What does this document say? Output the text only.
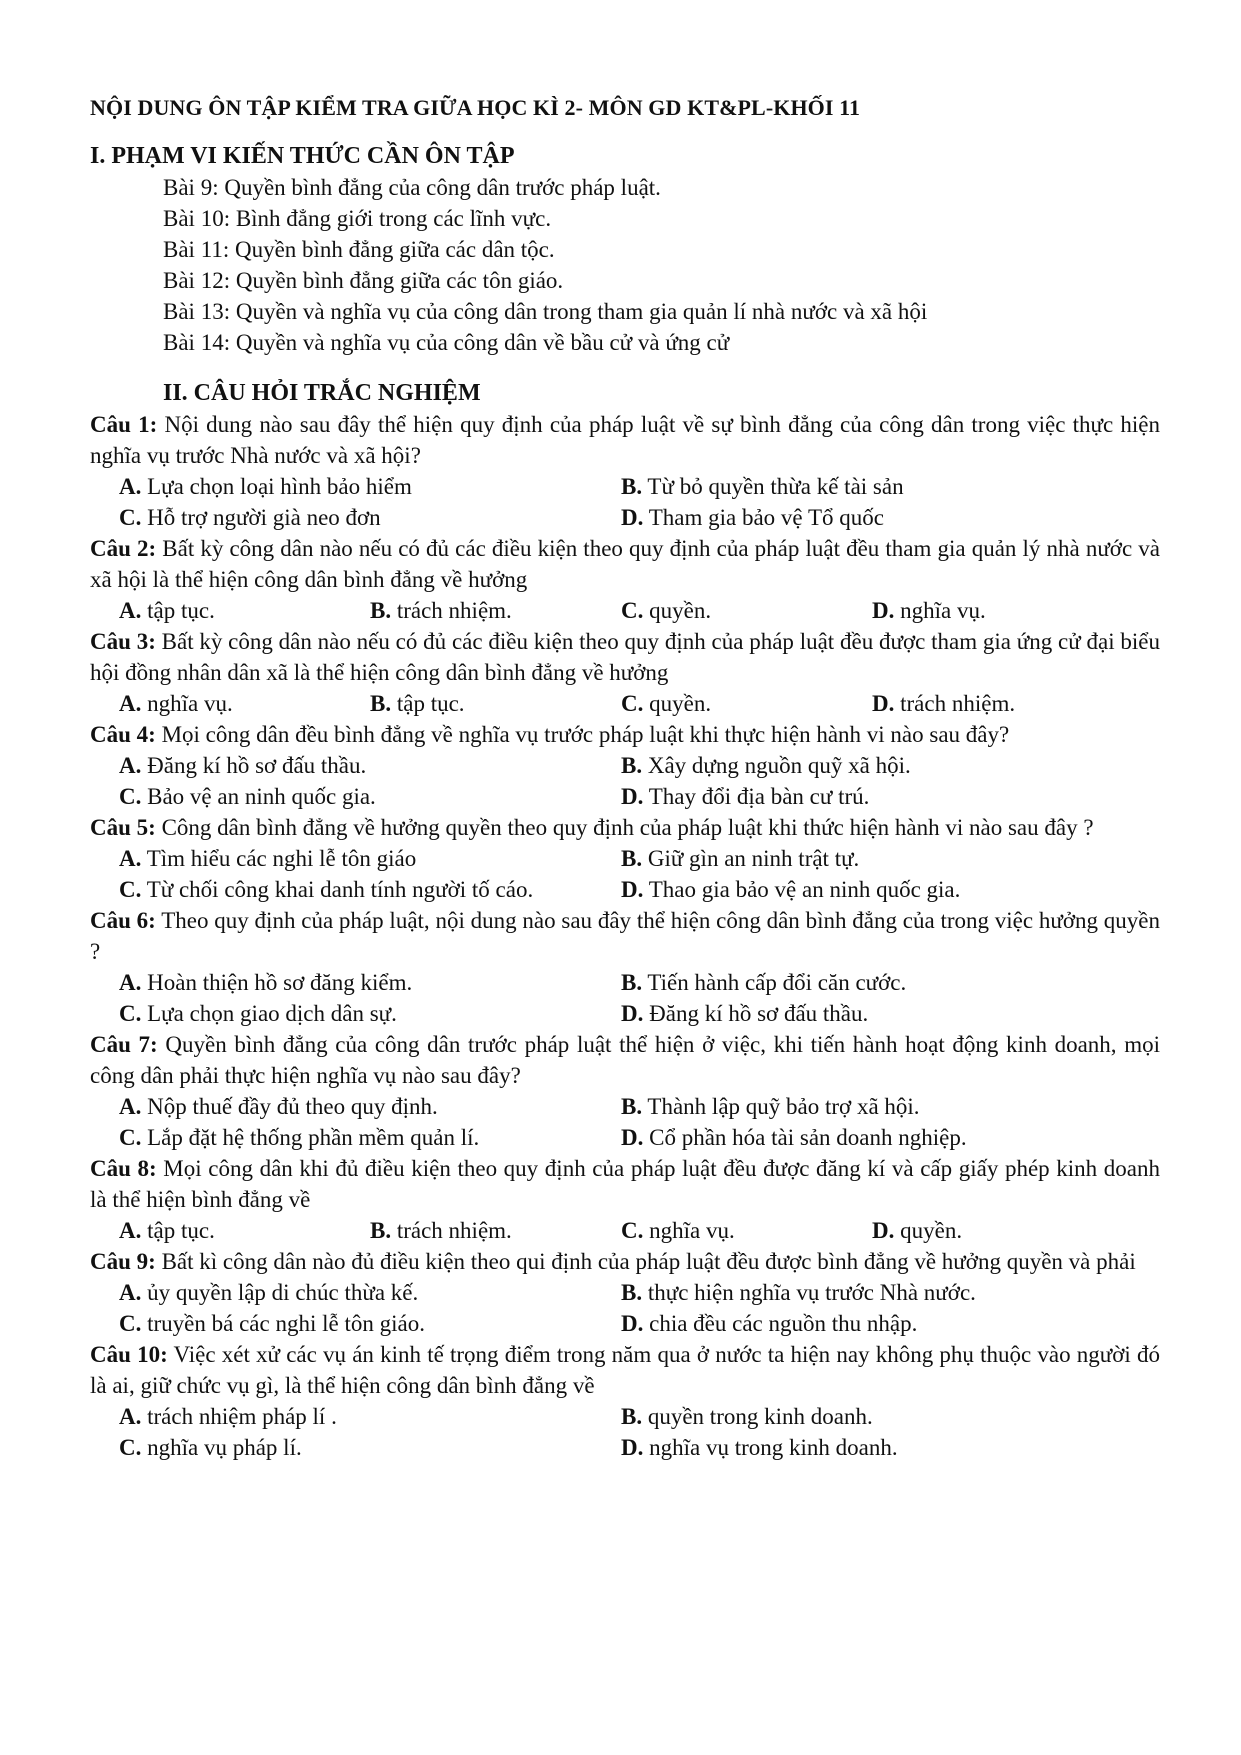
NỘI DUNG ÔN TẬP KIỂM TRA GIỮA HỌC KÌ 2- MÔN GD KT&PL-KHỐI 11
I. PHẠM VI KIẾN THỨC CẦN ÔN TẬP
Bài 9: Quyền bình đẳng của công dân trước pháp luật.
Bài 10: Bình đẳng giới trong các lĩnh vực.
Bài 11: Quyền bình đẳng giữa các dân tộc.
Bài 12: Quyền bình đẳng giữa các tôn giáo.
Bài 13: Quyền và nghĩa vụ của công dân trong tham gia quản lí nhà nước và xã hội
Bài 14: Quyền và nghĩa vụ của công dân về bầu cử và ứng cử
II. CÂU HỎI TRẮC NGHIỆM
Câu 1: Nội dung nào sau đây thể hiện quy định của pháp luật về sự bình đẳng của công dân trong việc thực hiện nghĩa vụ trước Nhà nước và xã hội?
A. Lựa chọn loại hình bảo hiểm	B. Từ bỏ quyền thừa kế tài sản
C. Hỗ trợ người già neo đơn	D. Tham gia bảo vệ Tổ quốc
Câu 2: Bất kỳ công dân nào nếu có đủ các điều kiện theo quy định của pháp luật đều tham gia quản lý nhà nước và xã hội là thể hiện công dân bình đẳng về hưởng
A. tập tục.	B. trách nhiệm.	C. quyền.	D. nghĩa vụ.
Câu 3: Bất kỳ công dân nào nếu có đủ các điều kiện theo quy định của pháp luật đều được tham gia ứng cử đại biểu hội đồng nhân dân xã là thể hiện công dân bình đẳng về hưởng
A. nghĩa vụ.	B. tập tục.	C. quyền.	D. trách nhiệm.
Câu 4: Mọi công dân đều bình đẳng về nghĩa vụ trước pháp luật khi thực hiện hành vi nào sau đây?
A. Đăng kí hồ sơ đấu thầu.	B. Xây dựng nguồn quỹ xã hội.
C. Bảo vệ an ninh quốc gia.	D. Thay đổi địa bàn cư trú.
Câu 5: Công dân bình đẳng về hưởng quyền theo quy định của pháp luật khi thức hiện hành vi nào sau đây ?
A. Tìm hiểu các nghi lễ tôn giáo	B. Giữ gìn an ninh trật tự.
C. Từ chối công khai danh tính người tố cáo.	D. Thao gia bảo vệ an ninh quốc gia.
Câu 6: Theo quy định của pháp luật, nội dung nào sau đây thể hiện công dân bình đẳng của trong việc hưởng quyền ?
A. Hoàn thiện hồ sơ đăng kiểm.	B. Tiến hành cấp đổi căn cước.
C. Lựa chọn giao dịch dân sự.	D. Đăng kí hồ sơ đấu thầu.
Câu 7: Quyền bình đẳng của công dân trước pháp luật thể hiện ở việc, khi tiến hành hoạt động kinh doanh, mọi công dân phải thực hiện nghĩa vụ nào sau đây?
A. Nộp thuế đầy đủ theo quy định.	B. Thành lập quỹ bảo trợ xã hội.
C. Lắp đặt hệ thống phần mềm quản lí.	D. Cổ phần hóa tài sản doanh nghiệp.
Câu 8: Mọi công dân khi đủ điều kiện theo quy định của pháp luật đều được đăng kí và cấp giấy phép kinh doanh là thể hiện bình đẳng về
A. tập tục.	B. trách nhiệm.	C. nghĩa vụ.	D. quyền.
Câu 9: Bất kì công dân nào đủ điều kiện theo qui định của pháp luật đều được bình đẳng về hưởng quyền và phải
A. ủy quyền lập di chúc thừa kế.	B. thực hiện nghĩa vụ trước Nhà nước.
C. truyền bá các nghi lễ tôn giáo.	D. chia đều các nguồn thu nhập.
Câu 10: Việc xét xử các vụ án kinh tế trọng điểm trong năm qua ở nước ta hiện nay không phụ thuộc vào người đó là ai, giữ chức vụ gì, là thể hiện công dân bình đẳng về
A. trách nhiệm pháp lí .	B. quyền trong kinh doanh.
C. nghĩa vụ pháp lí.	D. nghĩa vụ trong kinh doanh.
